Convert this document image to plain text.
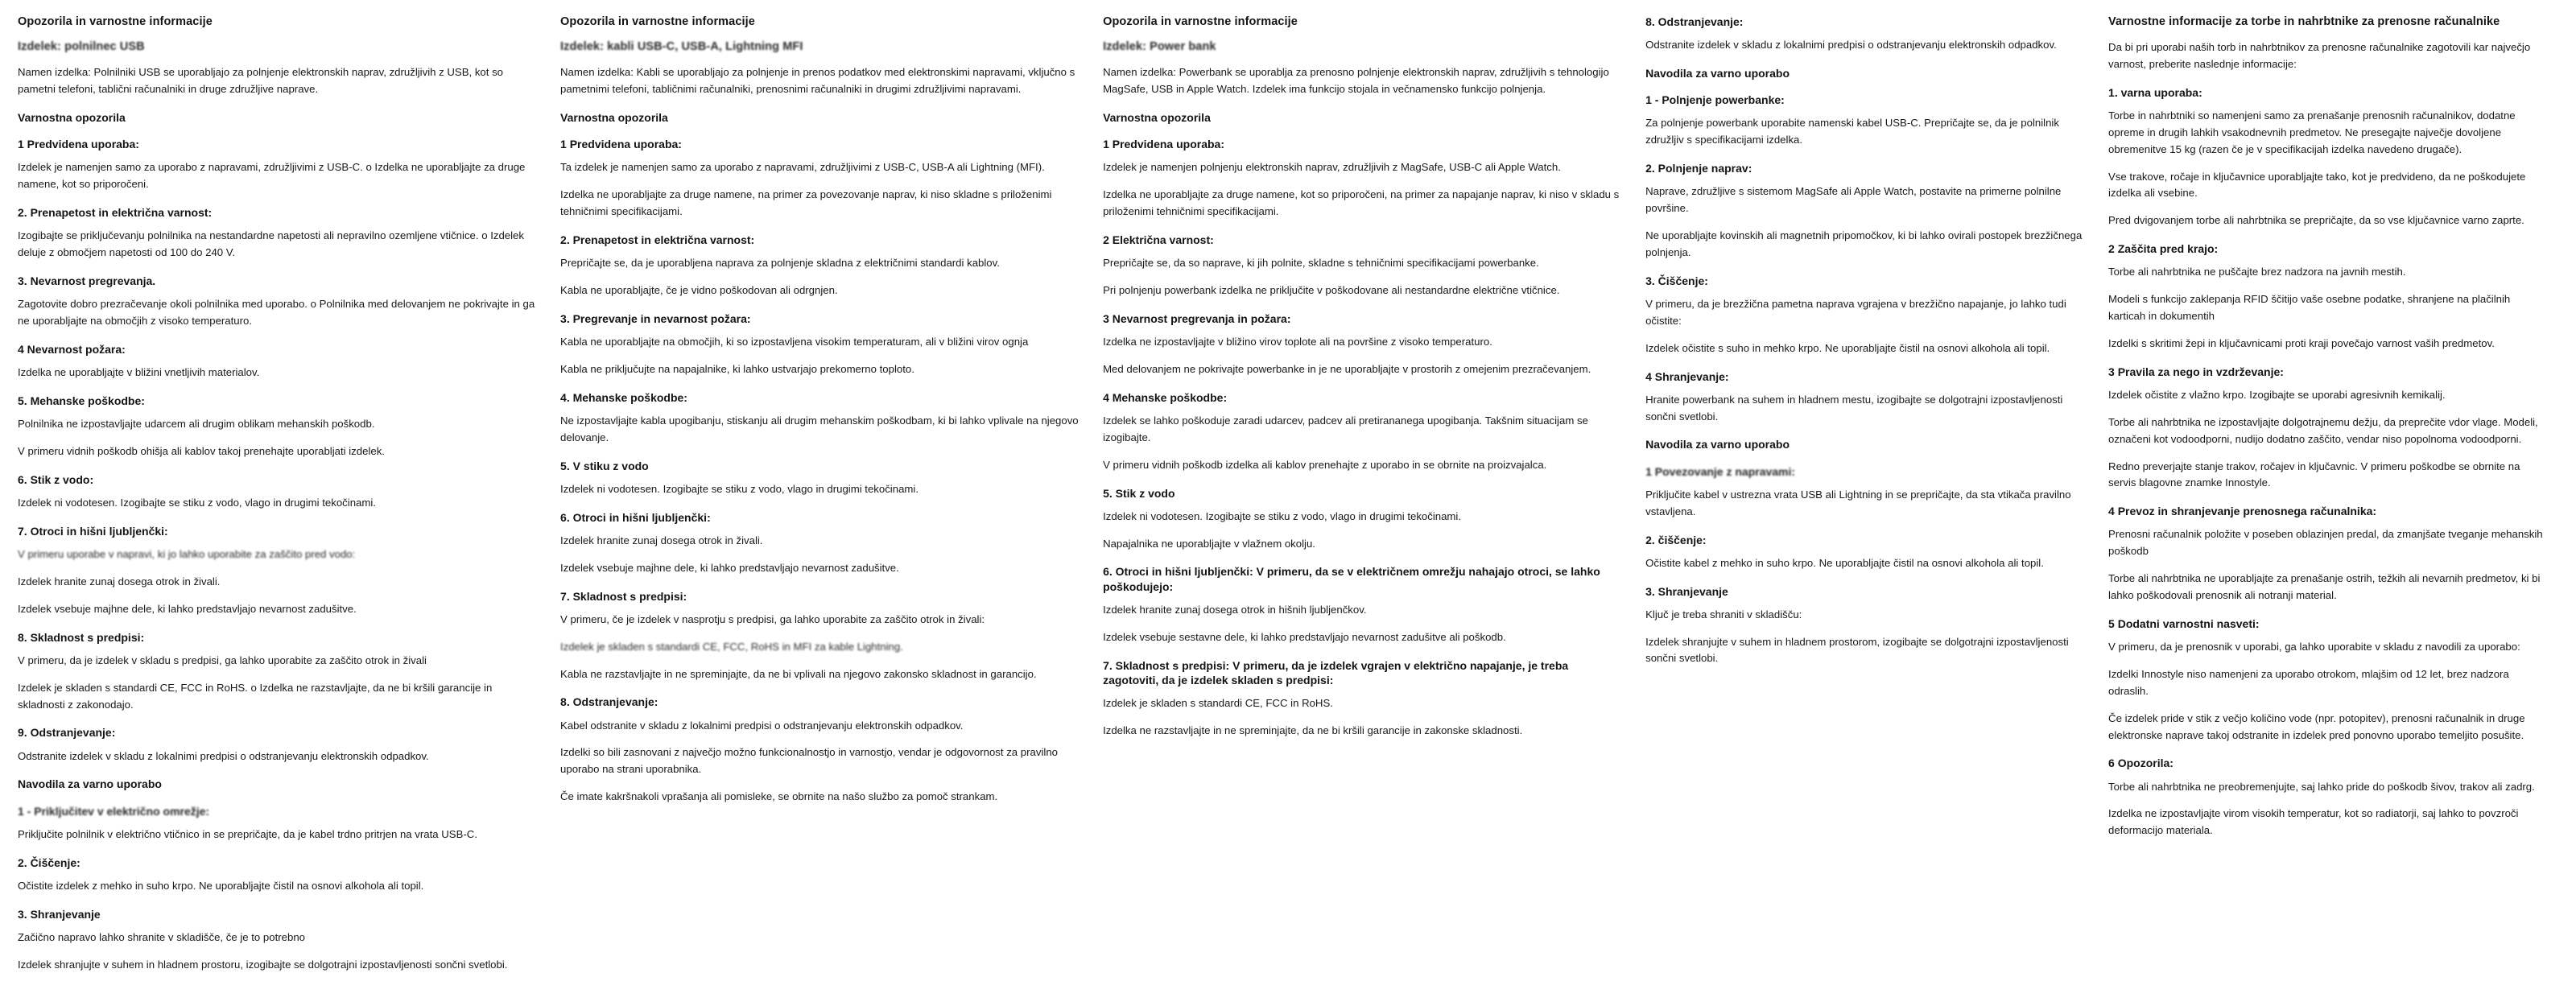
Opozorila in varnostne informacije
Izdelek: polnilnec USB

Namen izdelka: Polnilniki USB se uporabljajo za polnjenje elektronskih naprav, združljivih z USB, kot so pametni telefoni, tablični računalniki in druge združljive naprave.

Varnostna opozorila
1 Predvidena uporaba:

Izdelek je namenjen samo za uporabo z napravami, združljivimi z USB-C. o Izdelka ne uporabljajte za druge namene, kot so priporočeni.

2. Prenapetost in električna varnost:

Izogibajte se priključevanju polnilnika na nestandardne napetosti ali nepravilno ozemljene vtičnice. o Izdelek deluje z območjem napetosti od 100 do 240 V.

3. Nevarnost pregrevanja.

Zagotovite dobro prezračevanje okoli polnilnika med uporabo. o Polnilnika med delovanjem ne pokrivajte in ga ne uporabljajte na območjih z visoko temperaturo.

4 Nevarnost požara:

Izdelka ne uporabljajte v bližini vnetljivih materialov.

5. Mehanske poškodbe:

Polnilnika ne izpostavljajte udarcem ali drugim oblikam mehanskih poškodb.

V primeru vidnih poškodb ohišja ali kablov takoj prenehajte uporabljati izdelek.

6. Stik z vodo:

Izdelek ni vodotesen. Izogibajte se stiku z vodo, vlago in drugimi tekočinami.

7. Otroci in hišni ljubljenčki:

V primeru uporabe v napravi, ki jo lahko uporabite za zaščito pred vodo:

Izdelek hranite zunaj dosega otrok in živali.

Izdelek vsebuje majhne dele, ki lahko predstavljajo nevarnost zadušitve.

8. Skladnost s predpisi:

V primeru, da je izdelek v skladu s predpisi, ga lahko uporabite za zaščito otrok in živali

Izdelek je skladen s standardi CE, FCC in RoHS. o Izdelka ne razstavljajte, da ne bi kršili garancije in skladnosti z zakonodajo.

9. Odstranjevanje:

Odstranite izdelek v skladu z lokalnimi predpisi o odstranjevanju elektronskih odpadkov.

Navodila za varno uporabo
1 - Priključitev v električno omrežje:

Priključite polnilnik v električno vtičnico in se prepričajte, da je kabel trdno pritrjen na vrata USB-C.

2. Čiščenje:

Očistite izdelek z mehko in suho krpo. Ne uporabljajte čistil na osnovi alkohola ali topil.

3. Shranjevanje

Začično napravo lahko shranite v skladišče, če je to potrebno

Izdelek shranjujte v suhem in hladnem prostoru, izogibajte se dolgotrajni izpostavljenosti sončni svetlobi.

Opozorila in varnostne informacije
Izdelek: kabli USB-C, USB-A, Lightning MFI

Namen izdelka: Kabli se uporabljajo za polnjenje in prenos podatkov med elektronskimi napravami, vključno s pametnimi telefoni, tabličnimi računalniki, prenosnimi računalniki in drugimi združljivimi napravami.

Varnostna opozorila
1 Predvidena uporaba:

Ta izdelek je namenjen samo za uporabo z napravami, združljivimi z USB-C, USB-A ali Lightning (MFI).

Izdelka ne uporabljajte za druge namene, na primer za povezovanje naprav, ki niso skladne s priloženimi tehničnimi specifikacijami.

2. Prenapetost in električna varnost:

Prepričajte se, da je uporabljena naprava za polnjenje skladna z električnimi standardi kablov.

Kabla ne uporabljajte, če je vidno poškodovan ali odrgnjen.

3. Pregrevanje in nevarnost požara:

Kabla ne uporabljajte na območjih, ki so izpostavljena visokim temperaturam, ali v bližini virov ognja

Kabla ne priključujte na napajalnike, ki lahko ustvarjajo prekomerno toploto.

4. Mehanske poškodbe:

Ne izpostavljajte kabla upogibanju, stiskanju ali drugim mehanskim poškodbam, ki bi lahko vplivale na njegovo delovanje.

5. V stiku z vodo

Izdelek ni vodotesen. Izogibajte se stiku z vodo, vlago in drugimi tekočinami.

6. Otroci in hišni ljubljenčki:

Izdelek hranite zunaj dosega otrok in živali.

Izdelek vsebuje majhne dele, ki lahko predstavljajo nevarnost zadušitve.

7. Skladnost s predpisi:

V primeru, če je izdelek v nasprotju s predpisi, ga lahko uporabite za zaščito otrok in živali:

Izdelek je skladen s standardi CE, FCC, RoHS in MFI za kable Lightning.

Kabla ne razstavljajte in ne spreminjajte, da ne bi vplivali na njegovo zakonsko skladnost in garancijo.

8. Odstranjevanje:

Kabel odstranite v skladu z lokalnimi predpisi o odstranjevanju elektronskih odpadkov.

Izdelki so bili zasnovani z največjo možno funkcionalnostjo in varnostjo, vendar je odgovornost za pravilno uporabo na strani uporabnika.

Če imate kakršnakoli vprašanja ali pomisleke, se obrnite na našo službo za pomoč strankam.

Opozorila in varnostne informacije
Izdelek: Power bank

Namen izdelka: Powerbank se uporablja za prenosno polnjenje elektronskih naprav, združljivih s tehnologijo MagSafe, USB in Apple Watch. Izdelek ima funkcijo stojala in večnamensko funkcijo polnjenja.

Varnostna opozorila
1 Predvidena uporaba:

Izdelek je namenjen polnjenju elektronskih naprav, združljivih z MagSafe, USB-C ali Apple Watch.

Izdelka ne uporabljajte za druge namene, kot so priporočeni, na primer za napajanje naprav, ki niso v skladu s priloženimi tehničnimi specifikacijami.

2 Električna varnost:

Prepričajte se, da so naprave, ki jih polnite, skladne s tehničnimi specifikacijami powerbanke.

Pri polnjenju powerbank izdelka ne priključite v poškodovane ali nestandardne električne vtičnice.

3 Nevarnost pregrevanja in požara:

Izdelka ne izpostavljajte v bližino virov toplote ali na površine z visoko temperaturo.

Med delovanjem ne pokrivajte powerbanke in je ne uporabljajte v prostorih z omejenim prezračevanjem.

4 Mehanske poškodbe:

Izdelek se lahko poškoduje zaradi udarcev, padcev ali pretirananega upogibanja. Takšnim situacijam se izogibajte.

V primeru vidnih poškodb izdelka ali kablov prenehajte z uporabo in se obrnite na proizvajalca.

5. Stik z vodo

Izdelek ni vodotesen. Izogibajte se stiku z vodo, vlago in drugimi tekočinami.

Napajalnika ne uporabljajte v vlažnem okolju.

6. Otroci in hišni ljubljenčki: V primeru, da se v električnem omrežju nahajajo otroci, se lahko poškodujejo:

Izdelek hranite zunaj dosega otrok in hišnih ljubljenčkov.

Izdelek vsebuje sestavne dele, ki lahko predstavljajo nevarnost zadušitve ali poškodb.

7. Skladnost s predpisi: V primeru, da je izdelek vgrajen v električno napajanje, je treba zagotoviti, da je izdelek skladen s predpisi:

Izdelek je skladen s standardi CE, FCC in RoHS.

Izdelka ne razstavljajte in ne spreminjajte, da ne bi kršili garancije in zakonske skladnosti.

8. Odstranjevanje:

Odstranite izdelek v skladu z lokalnimi predpisi o odstranjevanju elektronskih odpadkov.

Navodila za varno uporabo
1 - Polnjenje powerbanke:

Za polnjenje powerbank uporabite namenski kabel USB-C. Prepričajte se, da je polnilnik združljiv s specifikacijami izdelka.

2. Polnjenje naprav:

Naprave, združljive s sistemom MagSafe ali Apple Watch, postavite na primerne polnilne površine.

Ne uporabljajte kovinskih ali magnetnih pripomočkov, ki bi lahko ovirali postopek brezžičnega polnjenja.

3. Čiščenje:

V primeru, da je brezžična pametna naprava vgrajena v brezžično napajanje, jo lahko tudi očistite:

Izdelek očistite s suho in mehko krpo. Ne uporabljajte čistil na osnovi alkohola ali topil.

4 Shranjevanje:

Hranite powerbank na suhem in hladnem mestu, izogibajte se dolgotrajni izpostavljenosti sončni svetlobi.

Navodila za varno uporabo
1 Povezovanje z napravami:

Priključite kabel v ustrezna vrata USB ali Lightning in se prepričajte, da sta vtikača pravilno vstavljena.

2. čiščenje:

Očistite kabel z mehko in suho krpo. Ne uporabljajte čistil na osnovi alkohola ali topil.

3. Shranjevanje

Ključ je treba shraniti v skladišču:

Izdelek shranjujte v suhem in hladnem prostorom, izogibajte se dolgotrajni izpostavljenosti sončni svetlobi.

Varnostne informacije za torbe in nahrbtnike za prenosne računalnike

Da bi pri uporabi naših torb in nahrbtnikov za prenosne računalnike zagotovili kar največjo varnost, preberite naslednje informacije:

1. varna uporaba:

Torbe in nahrbtniki so namenjeni samo za prenašanje prenosnih računalnikov, dodatne opreme in drugih lahkih vsakodnevnih predmetov. Ne presegajte največje dovoljene obremenitve 15 kg (razen če je v specifikacijah izdelka navedeno drugače).

Vse trakove, ročaje in ključavnice uporabljajte tako, kot je predvideno, da ne poškodujete izdelka ali vsebine.

Pred dvigovanjem torbe ali nahrbtnika se prepričajte, da so vse ključavnice varno zaprte.

2 Zaščita pred krajo:

Torbe ali nahrbtnika ne puščajte brez nadzora na javnih mestih.

Modeli s funkcijo zaklepanja RFID ščitijo vaše osebne podatke, shranjene na plačilnih karticah in dokumentih

Izdelki s skritimi žepi in ključavnicami proti kraji povečajo varnost vaših predmetov.

3 Pravila za nego in vzdrževanje:

Izdelek očistite z vlažno krpo. Izogibajte se uporabi agresivnih kemikalij.

Torbe ali nahrbtnika ne izpostavljajte dolgotrajnemu dežju, da preprečite vdor vlage. Modeli, označeni kot vodoodporni, nudijo dodatno zaščito, vendar niso popolnoma vodoodporni.

Redno preverjajte stanje trakov, ročajev in ključavnic. V primeru poškodbe se obrnite na servis blagovne znamke Innostyle.

4 Prevoz in shranjevanje prenosnega računalnika:

Prenosni računalnik položite v poseben oblazinjen predal, da zmanjšate tveganje mehanskih poškodb

Torbe ali nahrbtnika ne uporabljajte za prenašanje ostrih, težkih ali nevarnih predmetov, ki bi lahko poškodovali prenosnik ali notranji material.

5 Dodatni varnostni nasveti:

V primeru, da je prenosnik v uporabi, ga lahko uporabite v skladu z navodili za uporabo:

Izdelki Innostyle niso namenjeni za uporabo otrokom, mlajšim od 12 let, brez nadzora odraslih.

Če izdelek pride v stik z večjo količino vode (npr. potopitev), prenosni računalnik in druge elektronske naprave takoj odstranite in izdelek pred ponovno uporabo temeljito posušite.

6 Opozorila:

Torbe ali nahrbtnika ne preobremenjujte, saj lahko pride do poškodb šivov, trakov ali zadrg.

Izdelka ne izpostavljajte virom visokih temperatur, kot so radiatorji, saj lahko to povzroči deformacijo materiala.
